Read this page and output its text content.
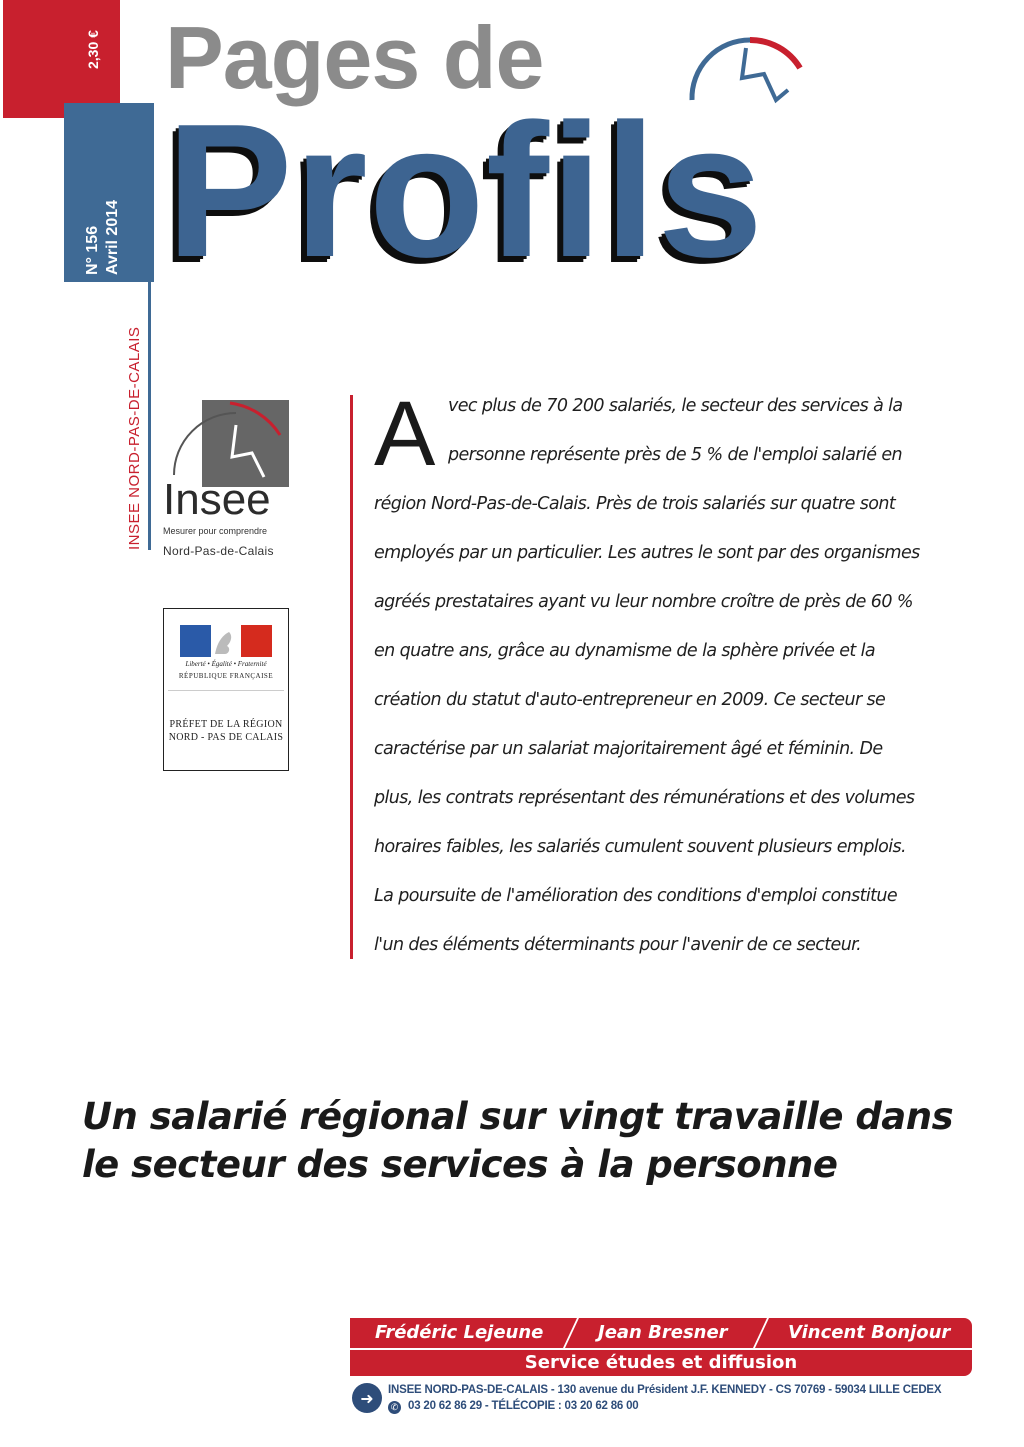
2,30 €
N° 156 Avril 2014
INSEE NORD-PAS-DE-CALAIS
Pages de
Profils
Insee
Mesurer pour comprendre
Nord-Pas-de-Calais
Liberté • Égalité • Fraternité
RÉPUBLIQUE FRANÇAISE
PRÉFET DE LA RÉGION
NORD - PAS DE CALAIS
A vec plus de 70 200 salariés, le secteur des services à la
personne représente près de 5 % de l'emploi salarié en
région Nord-Pas-de-Calais. Près de trois salariés sur quatre sont
employés par un particulier. Les autres le sont par des organismes
agréés prestataires ayant vu leur nombre croître de près de 60 %
en quatre ans, grâce au dynamisme de la sphère privée et la
création du statut d'auto-entrepreneur en 2009. Ce secteur se
caractérise par un salariat majoritairement âgé et féminin. De
plus, les contrats représentant des rémunérations et des volumes
horaires faibles, les salariés cumulent souvent plusieurs emplois.
La poursuite de l'amélioration des conditions d'emploi constitue
l'un des éléments déterminants pour l'avenir de ce secteur.
Un salarié régional sur vingt travaille dans
le secteur des services à la personne
Frédéric Lejeune	Jean Bresner	Vincent Bonjour
Service études et diffusion
➜	INSEE NORD-PAS-DE-CALAIS - 130 avenue du Président J.F. KENNEDY - CS 70769 - 59034 LILLE CEDEX
✆ 03 20 62 86 29 - TÉLÉCOPIE : 03 20 62 86 00
